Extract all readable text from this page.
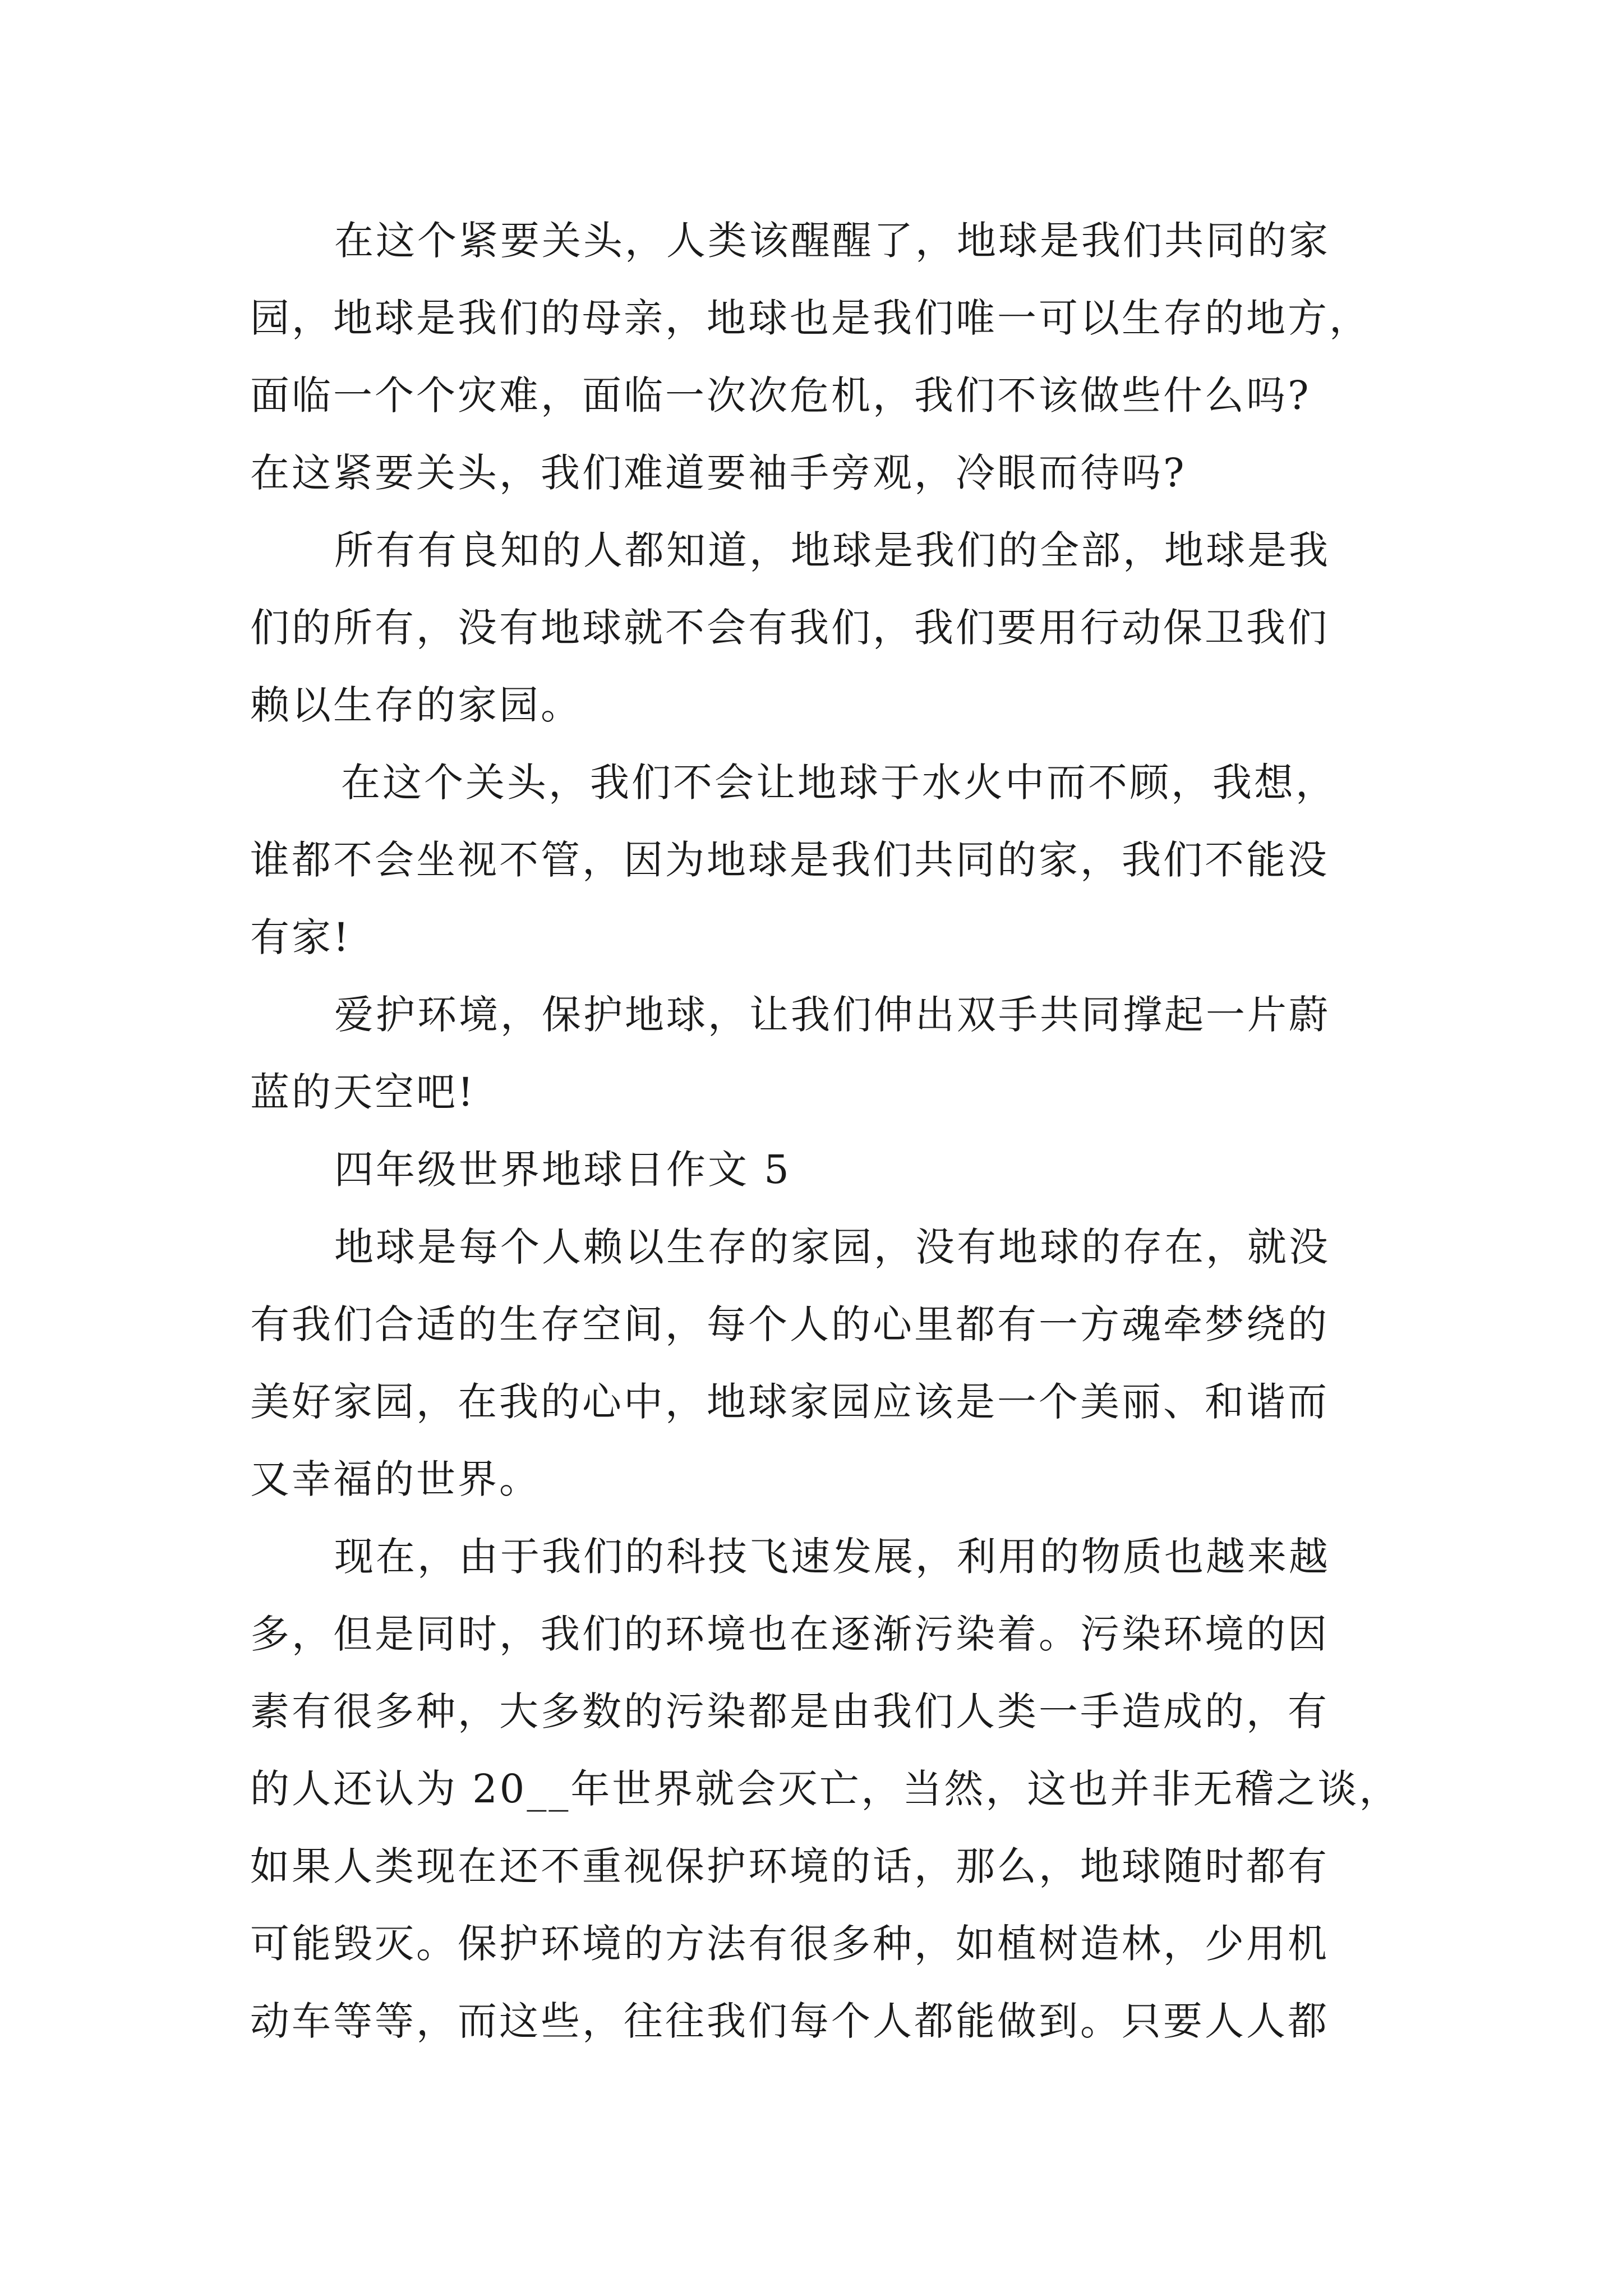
在这个紧要关头，人类该醒醒了，地球是我们共同的家
园，地球是我们的母亲，地球也是我们唯一可以生存的地方，
面临一个个灾难，面临一次次危机，我们不该做些什么吗?
在这紧要关头，我们难道要袖手旁观，冷眼而待吗?
所有有良知的人都知道，地球是我们的全部，地球是我
们的所有，没有地球就不会有我们，我们要用行动保卫我们
赖以生存的家园。
在这个关头，我们不会让地球于水火中而不顾，我想，
谁都不会坐视不管，因为地球是我们共同的家，我们不能没
有家!
爱护环境，保护地球，让我们伸出双手共同撑起一片蔚
蓝的天空吧!
四年级世界地球日作文 5
地球是每个人赖以生存的家园，没有地球的存在，就没
有我们合适的生存空间，每个人的心里都有一方魂牵梦绕的
美好家园，在我的心中，地球家园应该是一个美丽、和谐而
又幸福的世界。
现在，由于我们的科技飞速发展，利用的物质也越来越
多，但是同时，我们的环境也在逐渐污染着。污染环境的因
素有很多种，大多数的污染都是由我们人类一手造成的，有
的人还认为 20__年世界就会灭亡，当然，这也并非无稽之谈，
如果人类现在还不重视保护环境的话，那么，地球随时都有
可能毁灭。保护环境的方法有很多种，如植树造林，少用机
动车等等，而这些，往往我们每个人都能做到。只要人人都
